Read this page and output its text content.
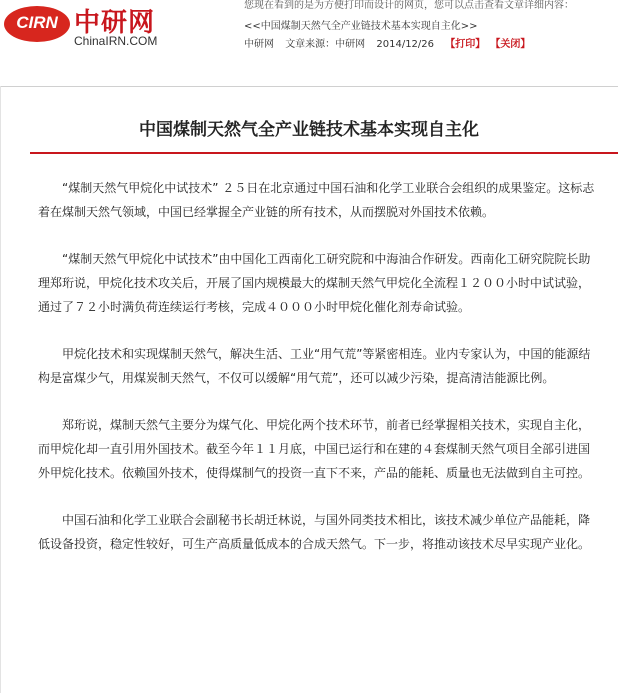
CIRN 中研网
ChinaIRN.COM
您现在看到的是为方便打印而设计的网页，您可以点击查看文章详细内容：
<<中国煤制天然气全产业链技术基本实现自主化>>
中研网 文章来源：中研网 2014/12/26 【打印】 【关闭】
中国煤制天然气全产业链技术基本实现自主化

“煤制天然气甲烷化中试技术” ２５日在北京通过中国石油和化学工业联合会组织的成果鉴定。这标志着在煤制天然气领域，中国已经掌握全产业链的所有技术，从而摆脱对外国技术依赖。

“煤制天然气甲烷化中试技术”由中国化工西南化工研究院和中海油合作研发。西南化工研究院院长助理郑珩说，甲烷化技术攻关后，开展了国内规模最大的煤制天然气甲烷化全流程１２００小时中试试验，通过了７２小时满负荷连续运行考核，完成４０００小时甲烷化催化剂寿命试验。

甲烷化技术和实现煤制天然气，解决生活、工业“用气荒”等紧密相连。业内专家认为，中国的能源结构是富煤少气，用煤炭制天然气，不仅可以缓解“用气荒”，还可以减少污染，提高清洁能源比例。

郑珩说，煤制天然气主要分为煤气化、甲烷化两个技术环节，前者已经掌握相关技术，实现自主化，而甲烷化却一直引用外国技术。截至今年１１月底，中国已运行和在建的４套煤制天然气项目全部引进国外甲烷化技术。依赖国外技术，使得煤制气的投资一直下不来，产品的能耗、质量也无法做到自主可控。

中国石油和化学工业联合会副秘书长胡迁林说，与国外同类技术相比，该技术减少单位产品能耗，降低设备投资，稳定性较好，可生产高质量低成本的合成天然气。下一步，将推动该技术尽早实现产业化。
